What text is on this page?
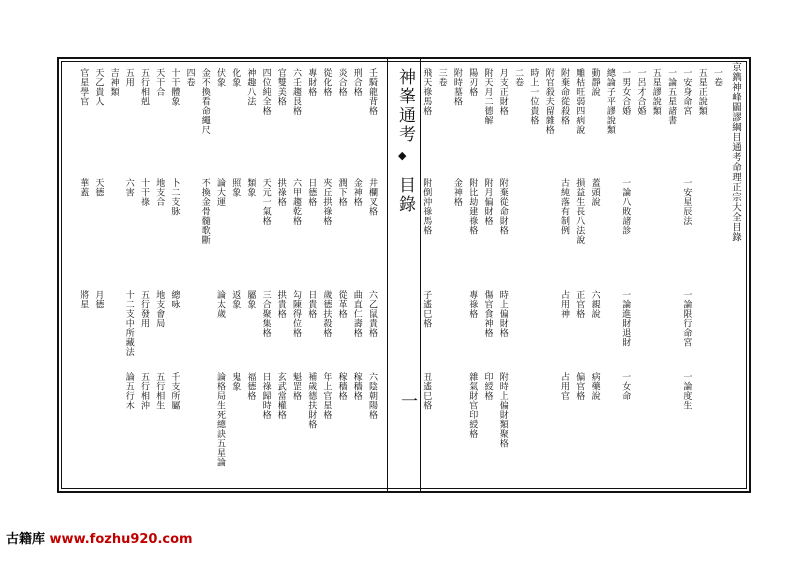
京鐫神峰闢謬綱目通考命理正宗大全目錄
神峯通考
◆
目錄
一
一卷
五星正說類
一安身命宮
一安星辰法
一論限行命宮
一論度生
一論五星諸書
五星謬說類
一呂才合婚
一男女合婚
一論八敗諸診
一論進財退財
一女命
總論子平謬說類
動靜說
蓋頭說
六親說
病藥說
雕枯旺弱四病說
損益生長八法說
正官格
偏官格
附棄命從殺格
古純落有制例
占用神
占用官
附官殺夫留雜格
時上一位貴格
二卷
月支正財格
附棄從命財格
時上偏財格
附時上偏財類聚格
附天月二德解
附月偏財格
傷官食神格
印綬格
陽刃格
附比劫建祿格
專祿格
雜氣財官印綬格
附時墓格
金神格
三卷
飛天祿馬格
附倒沖祿馬格
子遙巳格
丑遙巳格
壬騎龍背格
井欄叉格
六乙鼠貴格
六陰朝陽格
刑合格
金神格
曲直仁壽格
稼穡格
炎合格
潤下格
從革格
稼穡格
從化格
夾丘拱祿格
歲德扶殺格
年上官星格
專財格
日德格
日貴格
補歲德扶財格
六壬趨艮格
六甲趨乾格
勾陳得位格
魁罡格
官雙美格
拱祿格
拱貴格
玄武當權格
四位純全格
天元一氣格
三合聚集格
日祿歸時格
神趣八法
類象
屬象
福德格
化象
照象
返象
鬼象
伏象
論大運
論太歲
論格局生死總訣五星論
金不換看命繩尺
不換金骨髓歌斷
四卷
十干體象
卜二支脉
總咏
千支所屬
天干合
地支合
地支會局
五行相生
五行相剋
十干祿
五行發用
五行相沖
五用
六害
十二支中所藏法
論五行木
吉神類
天乙貴人
天德
月德
官星學官
華蓋
將星
古籍库 www.fozhu920.com
